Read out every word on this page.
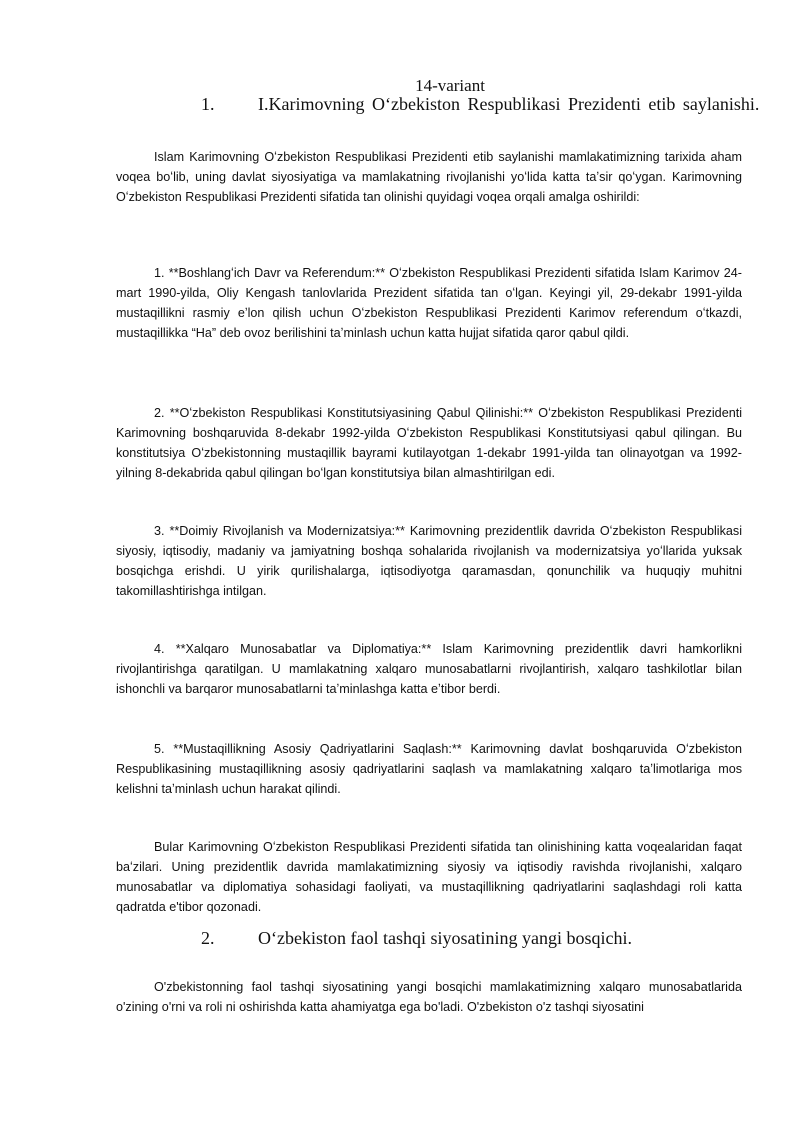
14-variant
1. I.Karimovning Oʻzbekiston Respublikasi Prezidenti etib saylanishi.

Islam Karimovning Oʻzbekiston Respublikasi Prezidenti etib saylanishi mamlakatimizning tarixida aham voqea boʻlib, uning davlat siyosiyatiga va mamlakatning rivojlanishi yoʻlida katta taʼsir qoʻygan. Karimovning Oʻzbekiston Respublikasi Prezidenti sifatida tan olinishi quyidagi voqea orqali amalga oshirildi:

1. **Boshlangʻich Davr va Referendum:** Oʻzbekiston Respublikasi Prezidenti sifatida Islam Karimov 24-mart 1990-yilda, Oliy Kengash tanlovlarida Prezident sifatida tan oʻlgan. Keyingi yil, 29-dekabr 1991-yilda mustaqillikni rasmiy eʼlon qilish uchun Oʻzbekiston Respublikasi Prezidenti Karimov referendum oʻtkazdi, mustaqillikka “Ha” deb ovoz berilishini taʼminlash uchun katta hujjat sifatida qaror qabul qildi.

2. **Oʻzbekiston Respublikasi Konstitutsiyasining Qabul Qilinishi:** Oʻzbekiston Respublikasi Prezidenti Karimovning boshqaruvida 8-dekabr 1992-yilda Oʻzbekiston Respublikasi Konstitutsiyasi qabul qilingan. Bu konstitutsiya Oʻzbekistonning mustaqillik bayrami kutilayotgan 1-dekabr 1991-yilda tan olinayotgan va 1992-yilning 8-dekabrida qabul qilingan boʻlgan konstitutsiya bilan almashtirilgan edi.

3. **Doimiy Rivojlanish va Modernizatsiya:** Karimovning prezidentlik davrida Oʻzbekiston Respublikasi siyosiy, iqtisodiy, madaniy va jamiyatning boshqa sohalarida rivojlanish va modernizatsiya yoʻllarida yuksak bosqichga erishdi. U yirik qurilishalarga, iqtisodiyotga qaramasdan, qonunchilik va huquqiy muhitni takomillashtirishga intilgan.

4. **Xalqaro Munosabatlar va Diplomatiya:** Islam Karimovning prezidentlik davri hamkorlikni rivojlantirishga qaratilgan. U mamlakatning xalqaro munosabatlarni rivojlantirish, xalqaro tashkilotlar bilan ishonchli va barqaror munosabatlarni taʼminlashga katta eʼtibor berdi.

5. **Mustaqillikning Asosiy Qadriyatlarini Saqlash:** Karimovning davlat boshqaruvida Oʻzbekiston Respublikasining mustaqillikning asosiy qadriyatlarini saqlash va mamlakatning xalqaro taʼlimotlariga mos kelishni taʼminlash uchun harakat qilindi.

Bular Karimovning Oʻzbekiston Respublikasi Prezidenti sifatida tan olinishining katta voqealaridan faqat baʻzilari. Uning prezidentlik davrida mamlakatimizning siyosiy va iqtisodiy ravishda rivojlanishi, xalqaro munosabatlar va diplomatiya sohasidagi faoliyati, va mustaqillikning qadriyatlarini saqlashdagi roli katta qadratda e'tibor qozonadi.

2. Oʻzbekiston faol tashqi siyosatining yangi bosqichi.

O'zbekistonning faol tashqi siyosatining yangi bosqichi mamlakatimizning xalqaro munosabatlarida o'zining o'rni va roli ni oshirishda katta ahamiyatga ega bo'ladi. O'zbekiston o'z tashqi siyosatini
